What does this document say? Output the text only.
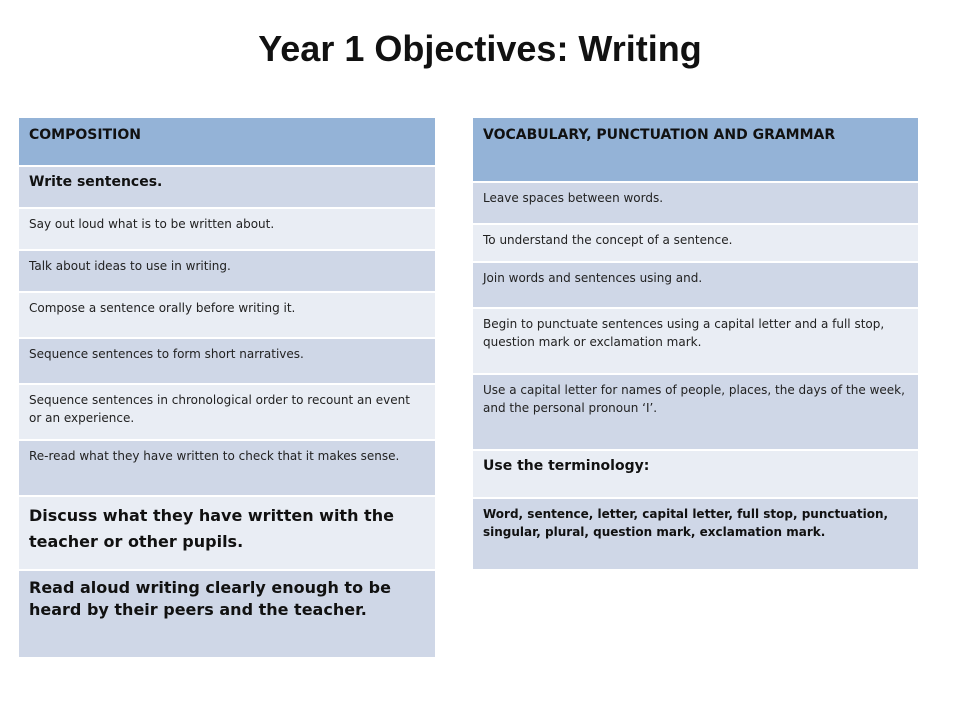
Year 1 Objectives: Writing
COMPOSITION
Write sentences.
Say out loud what is to be written about.
Talk about ideas to use in writing.
Compose a sentence orally before writing it.
Sequence sentences to form short narratives.
Sequence sentences in chronological order to recount an event or an experience.
Re-read what they have written to check that it makes sense.
Discuss what they have written with the teacher or other pupils.
Read aloud writing clearly enough to be heard by their peers and the teacher.
VOCABULARY, PUNCTUATION AND GRAMMAR
Leave spaces between words.
To understand the concept of a sentence.
Join words and sentences using and.
Begin to punctuate sentences using a capital letter and a full stop, question mark or exclamation mark.
Use a capital letter for names of people, places, the days of the week, and the personal pronoun ‘I’.
Use the terminology:
Word, sentence, letter, capital letter, full stop, punctuation, singular, plural, question mark, exclamation mark.
